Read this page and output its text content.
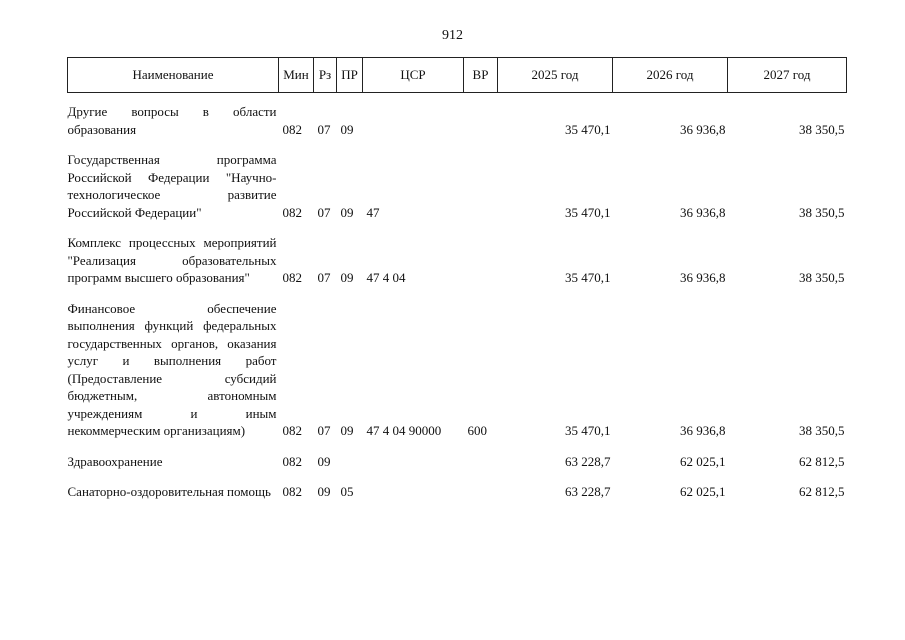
912
Наименование	Мин	Рз	ПР	ЦСР	ВР	2025 год	2026 год	2027 год
Другие вопросы в области образования	082	07	09			35 470,1	36 936,8	38 350,5
Государственная программа Российской Федерации "Научно-технологическое развитие Российской Федерации"	082	07	09	47		35 470,1	36 936,8	38 350,5
Комплекс процессных мероприятий "Реализация образовательных программ высшего образования"	082	07	09	47 4 04		35 470,1	36 936,8	38 350,5
Финансовое обеспечение выполнения функций федеральных государственных органов, оказания услуг и выполнения работ (Предоставление субсидий бюджетным, автономным учреждениям и иным некоммерческим организациям)	082	07	09	47 4 04 90000	600	35 470,1	36 936,8	38 350,5
Здравоохранение	082	09				63 228,7	62 025,1	62 812,5
Санаторно-оздоровительная помощь	082	09	05			63 228,7	62 025,1	62 812,5
